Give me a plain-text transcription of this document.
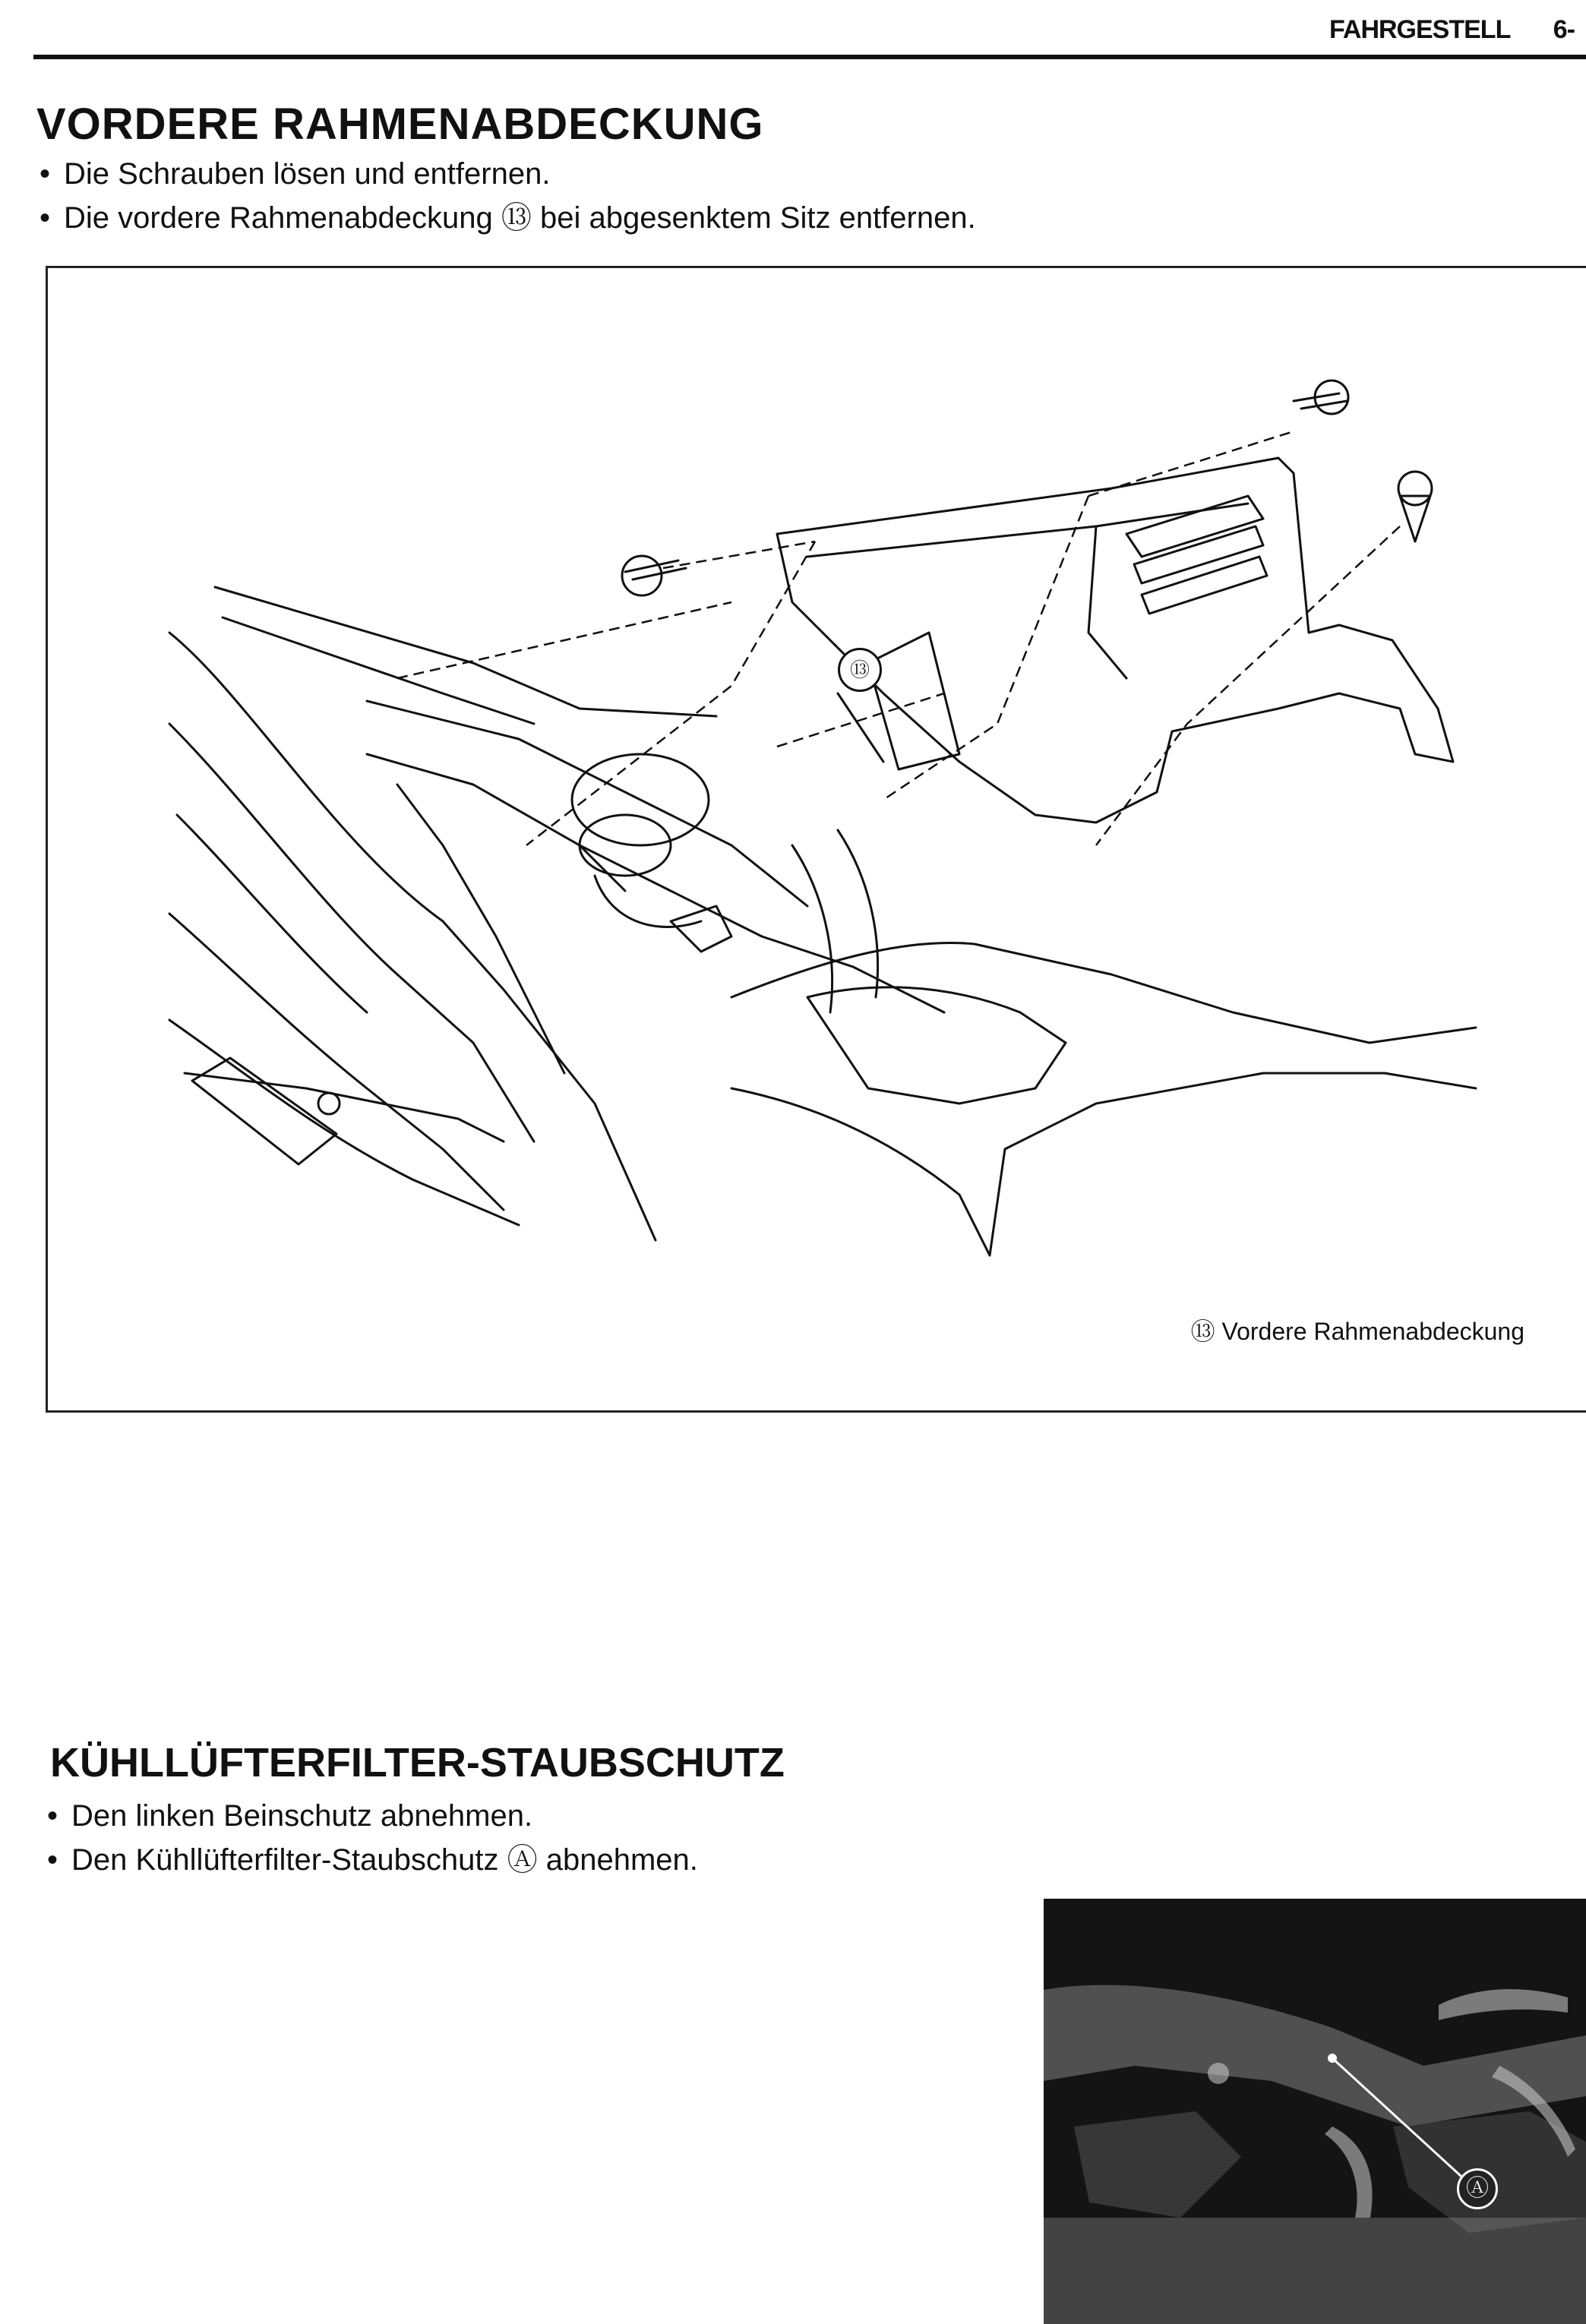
FAHRGESTELL 6-
VORDERE RAHMENABDECKUNG
• Die Schrauben lösen und entfernen.
• Die vordere Rahmenabdeckung ⑬ bei abgesenktem Sitz entfernen.
⑬
⑬ Vordere Rahmenabdeckung
KÜHLLÜFTERFILTER-STAUBSCHUTZ
• Den linken Beinschutz abnehmen.
• Den Kühllüfterfilter-Staubschutz Ⓐ abnehmen.
Ⓐ
